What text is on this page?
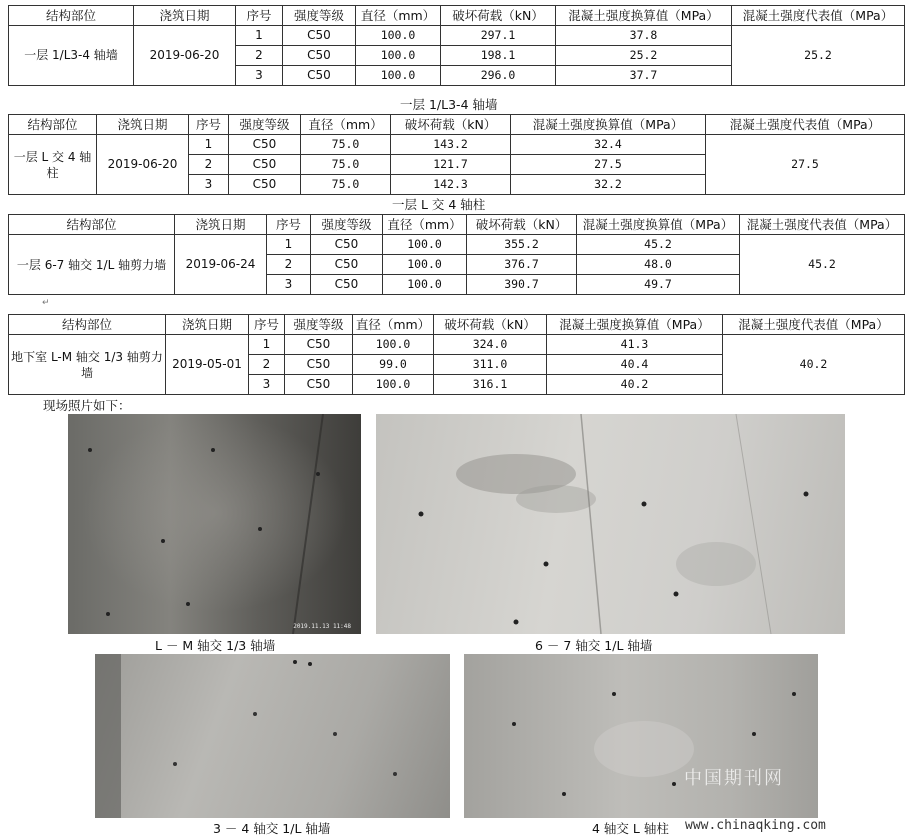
结构部位	浇筑日期	序号	强度等级	直径（mm）	破坏荷载（kN）	混凝土强度换算值（MPa）	混凝土强度代表值（MPa）
一层 1/L3-4 轴墙	2019-06-20	1	C50	100.0	297.1	37.8	25.2
		2	C50	100.0	198.1	25.2	
		3	C50	100.0	296.0	37.7	
一层 1/L3-4 轴墙
结构部位	浇筑日期	序号	强度等级	直径（mm）	破坏荷载（kN）	混凝土强度换算值（MPa）	混凝土强度代表值（MPa）
一层 L 交 4 轴柱	2019-06-20	1	C50	75.0	143.2	32.4	27.5
		2	C50	75.0	121.7	27.5	
		3	C50	75.0	142.3	32.2	
一层 L 交 4 轴柱
结构部位	浇筑日期	序号	强度等级	直径（mm）	破坏荷载（kN）	混凝土强度换算值（MPa）	混凝土强度代表值（MPa）
一层 6-7 轴交 1/L 轴剪力墙	2019-06-24	1	C50	100.0	355.2	45.2	45.2
		2	C50	100.0	376.7	48.0	
		3	C50	100.0	390.7	49.7	
↵
结构部位	浇筑日期	序号	强度等级	直径（mm）	破坏荷载（kN）	混凝土强度换算值（MPa）	混凝土强度代表值（MPa）
地下室 L-M 轴交 1/3 轴剪力墙	2019-05-01	1	C50	100.0	324.0	41.3	40.2
		2	C50	99.0	311.0	40.4	
		3	C50	100.0	316.1	40.2	
现场照片如下：
2019.11.13 11:48
L － M 轴交 1/3 轴墙	6 － 7 轴交 1/L 轴墙
中国期刊网
3 － 4 轴交 1/L 轴墙	4 轴交 L 轴柱 www.chinaqking.com
